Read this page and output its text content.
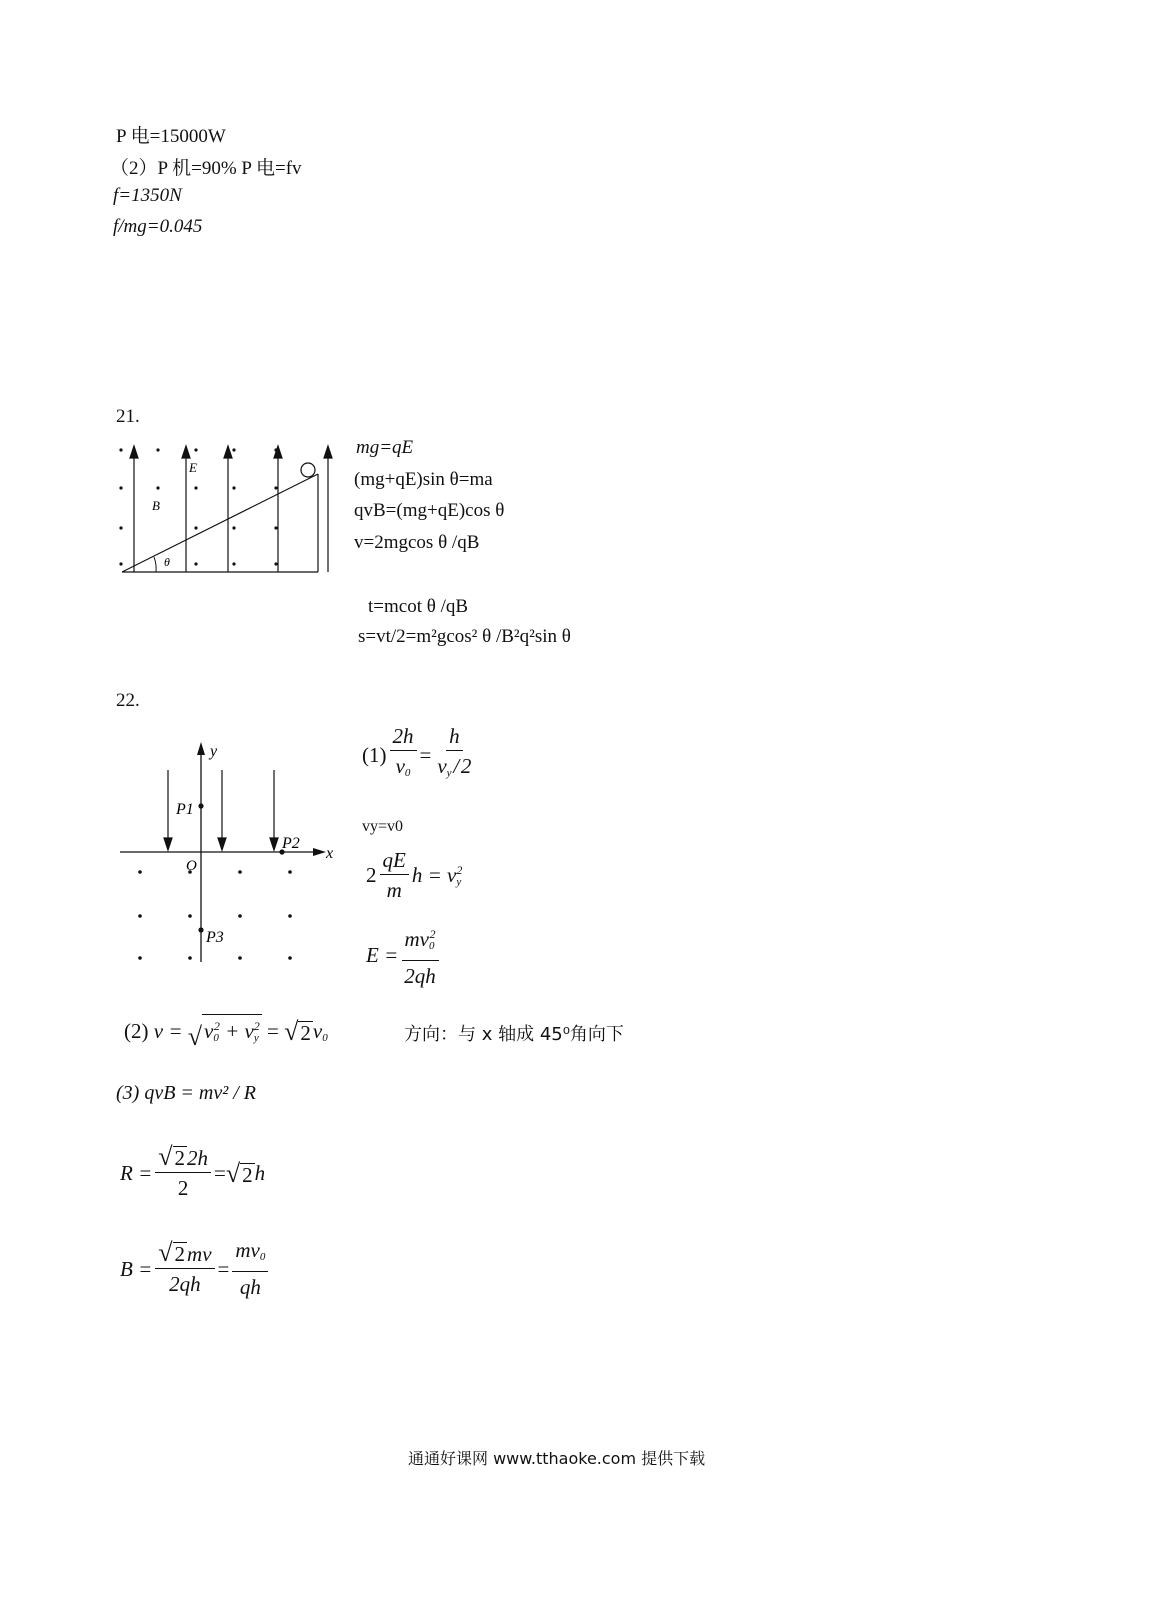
P 电=15000W
（2）P 机=90% P 电=fv
f=1350N
f/mg=0.045
21.
E
B
θ
mg=qE
(mg+qE)sin θ=ma
qvB=(mg+qE)cos θ
v=2mgcos θ /qB
t=mcot θ /qB
s=vt/2=m²gcos² θ /B²q²sin θ
22.
y
x
O
P1
P2
P3
$(1) \frac{2h}{v_0} = \frac{h}{v_y / 2}$
vy=v0
$2 \frac{qE}{m}$ $h = v^2_y$
$E = \frac{mv_0^2}{2qh}$
(2) v = √ $v_0^2 + v_y^2$ = √ 2 $v_0$	方向：与 x 轴成 45⁰角向下
(3) qvB = mv² / R
$R = \frac{√ 2 2h}{2}$ = √ 2 h
$B = \frac{√ 2 mv}{2qh} = \frac{mv_0}{qh}$
通通好课网 www.tthaoke.com 提供下载
